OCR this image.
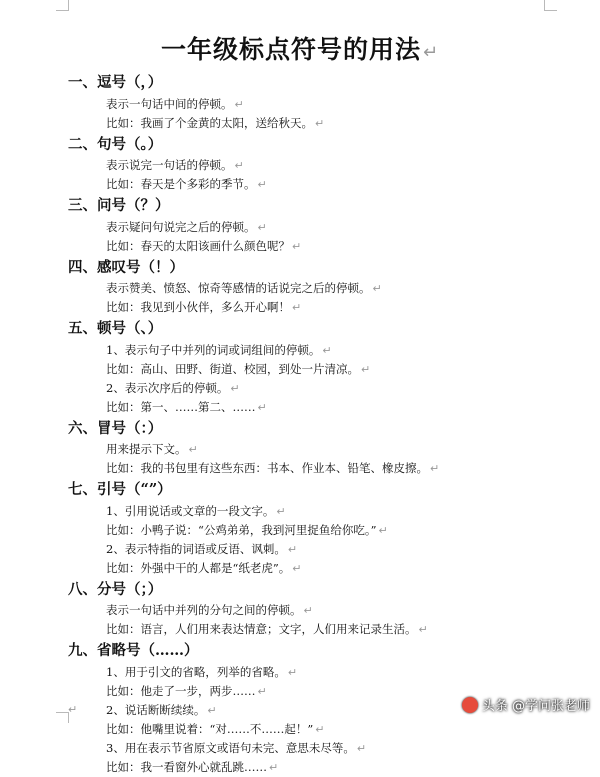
一年级标点符号的用法 ↵
一、逗号（，）
表示一句话中间的停顿。 ↵
比如：我画了个金黄的太阳，送给秋天。 ↵
二、句号（。）
表示说完一句话的停顿。 ↵
比如：春天是个多彩的季节。 ↵
三、问号（？）
表示疑问句说完之后的停顿。 ↵
比如：春天的太阳该画什么颜色呢？ ↵
四、感叹号（！）
表示赞美、愤怒、惊奇等感情的话说完之后的停顿。 ↵
比如：我见到小伙伴，多么开心啊！ ↵
五、顿号（、）
1、表示句子中并列的词或词组间的停顿。 ↵
比如：高山、田野、街道、校园，到处一片清凉。 ↵
2、表示次序后的停顿。 ↵
比如：第一、……第二、…… ↵
六、冒号（：）
用来提示下文。 ↵
比如：我的书包里有这些东西：书本、作业本、铅笔、橡皮擦。 ↵
七、引号（“”）
1、引用说话或文章的一段文字。 ↵
比如：小鸭子说：“公鸡弟弟，我到河里捉鱼给你吃。” ↵
2、表示特指的词语或反语、讽刺。 ↵
比如：外强中干的人都是“纸老虎”。 ↵
八、分号（；）
表示一句话中并列的分句之间的停顿。 ↵
比如：语言，人们用来表达情意；文字，人们用来记录生活。 ↵
九、省略号（……）
1、用于引文的省略，列举的省略。 ↵
比如：他走了一步，两步…… ↵
2、说话断断续续。 ↵
比如：他嘴里说着：“对……不……起！” ↵
3、用在表示节省原文或语句未完、意思未尽等。 ↵
比如：我一看窗外心就乱跳…… ↵
↵	头条 @学问张老师
